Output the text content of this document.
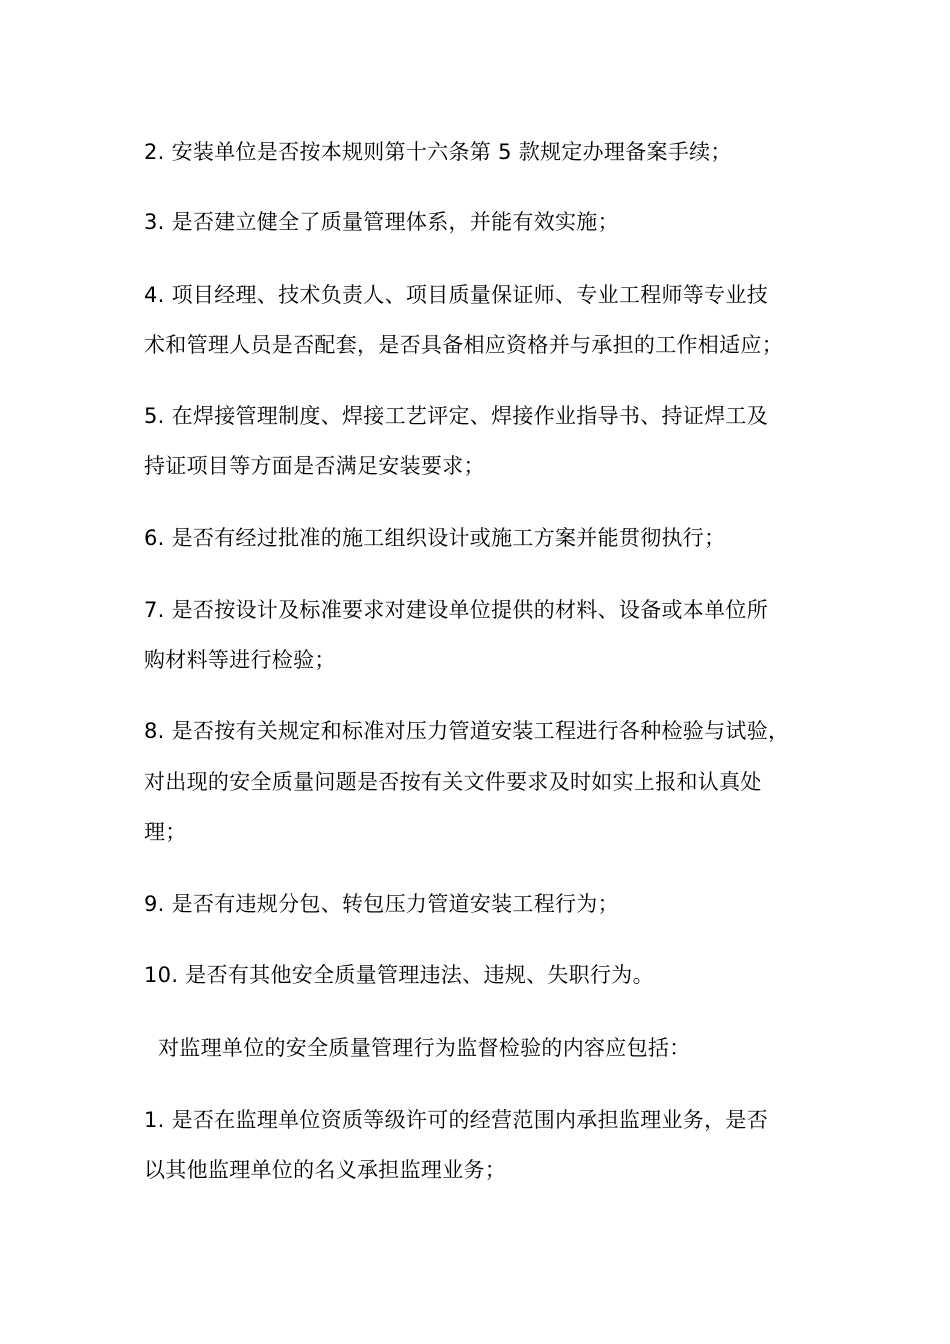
2. 安装单位是否按本规则第十六条第 5 款规定办理备案手续；
3. 是否建立健全了质量管理体系，并能有效实施；
4. 项目经理、技术负责人、项目质量保证师、专业工程师等专业技
术和管理人员是否配套，是否具备相应资格并与承担的工作相适应；
5. 在焊接管理制度、焊接工艺评定、焊接作业指导书、持证焊工及
持证项目等方面是否满足安装要求；
6. 是否有经过批准的施工组织设计或施工方案并能贯彻执行；
7. 是否按设计及标准要求对建设单位提供的材料、设备或本单位所
购材料等进行检验；
8. 是否按有关规定和标准对压力管道安装工程进行各种检验与试验，
对出现的安全质量问题是否按有关文件要求及时如实上报和认真处
理；
9. 是否有违规分包、转包压力管道安装工程行为；
10. 是否有其他安全质量管理违法、违规、失职行为。
对监理单位的安全质量管理行为监督检验的内容应包括：
1. 是否在监理单位资质等级许可的经营范围内承担监理业务，是否
以其他监理单位的名义承担监理业务；
